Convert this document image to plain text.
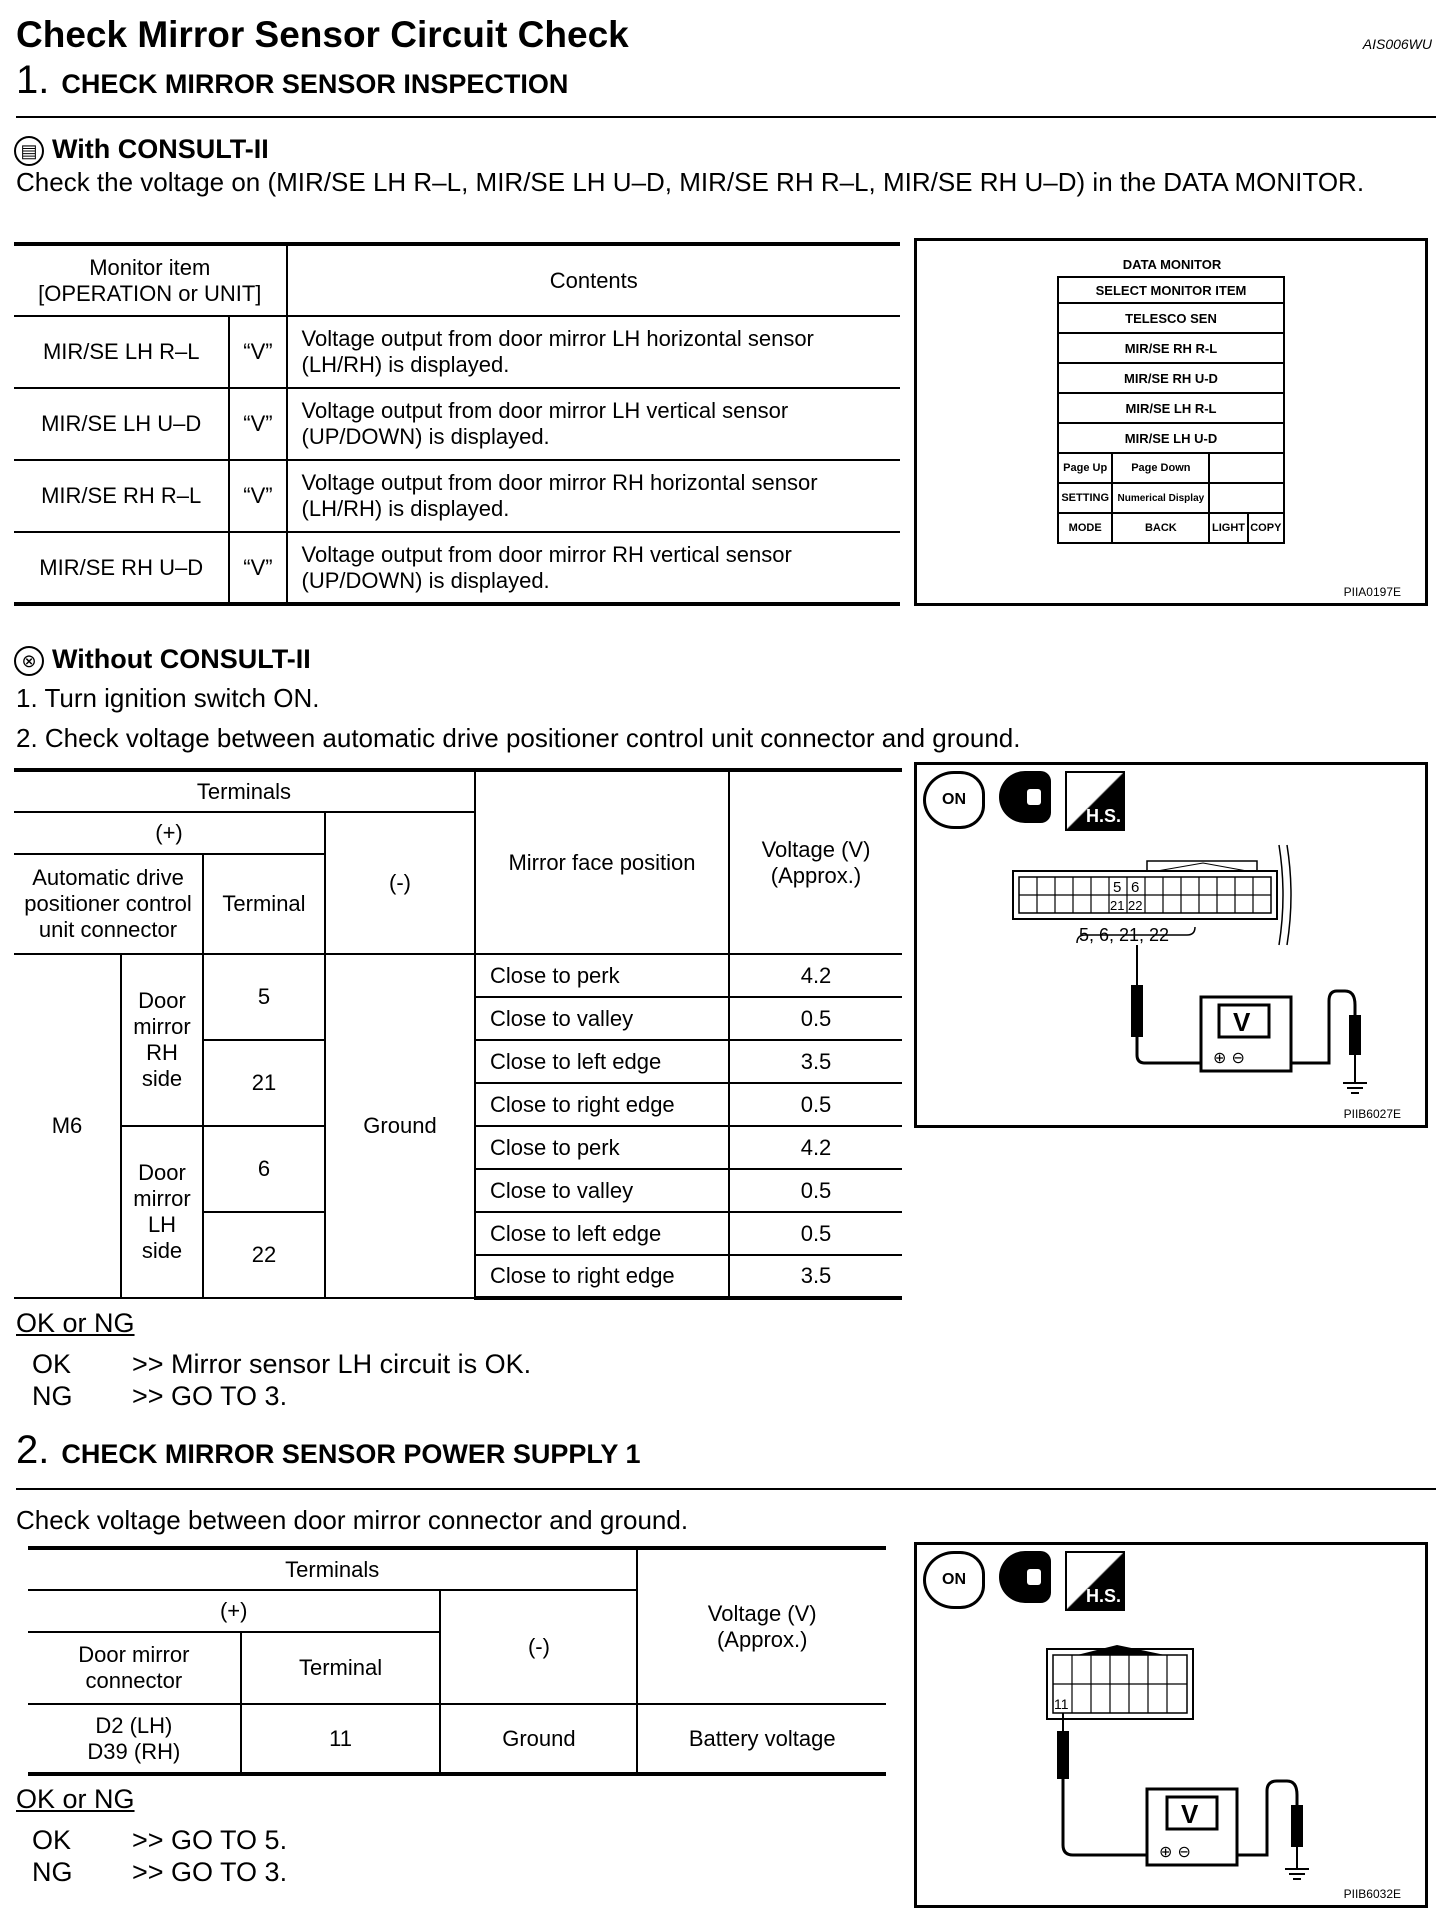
Check Mirror Sensor Circuit Check	AIS006WU
1. CHECK MIRROR SENSOR INSPECTION
▤ With CONSULT-II
Check the voltage on (MIR/SE LH R–L, MIR/SE LH U–D, MIR/SE RH R–L, MIR/SE RH U–D) in the DATA MONITOR.
Monitor item
[OPERATION or UNIT]		Contents
MIR/SE LH R–L	“V”	Voltage output from door mirror LH horizontal sensor (LH/RH) is displayed.
MIR/SE LH U–D	“V”	Voltage output from door mirror LH vertical sensor (UP/DOWN) is displayed.
MIR/SE RH R–L	“V”	Voltage output from door mirror RH horizontal sensor (LH/RH) is displayed.
MIR/SE RH U–D	“V”	Voltage output from door mirror RH vertical sensor (UP/DOWN) is displayed.
DATA MONITOR
SELECT MONITOR ITEM			
TELESCO SEN			
MIR/SE RH R-L			
MIR/SE RH U-D			
MIR/SE LH R-L			
MIR/SE LH U-D			
Page Up	Page Down		
SETTING	Numerical Display		
MODE	BACK	LIGHT	COPY
PIIA0197E
⊗ Without CONSULT-II
1. Turn ignition switch ON.
2. Check voltage between automatic drive positioner control unit connector and ground.
Terminals				Mirror face position	Voltage (V)
(Approx.)
(+)			(-)		
Automatic drive positioner control unit connector		Terminal			
M6	Door mirror RH side	5	Ground	Close to perk	4.2
				Close to valley	0.5
		21		Close to left edge	3.5
				Close to right edge	0.5
	Door mirror LH side	6		Close to perk	4.2
				Close to valley	0.5
		22		Close to left edge	0.5
				Close to right edge	3.5
ON
H.S.
5 6
21 22
5, 6, 21, 22
V
⊕ ⊖
PIIB6027E
OK or NG
OK >> Mirror sensor LH circuit is OK.
NG >> GO TO 3.
2. CHECK MIRROR SENSOR POWER SUPPLY 1
Check voltage between door mirror connector and ground.
Terminals			Voltage (V)
(Approx.)
(+)		(-)	
Door mirror connector	Terminal		
D2 (LH)
D39 (RH)	11	Ground	Battery voltage
ON
H.S.
11
V
⊕ ⊖
PIIB6032E
OK or NG
OK >> GO TO 5.
NG >> GO TO 3.
